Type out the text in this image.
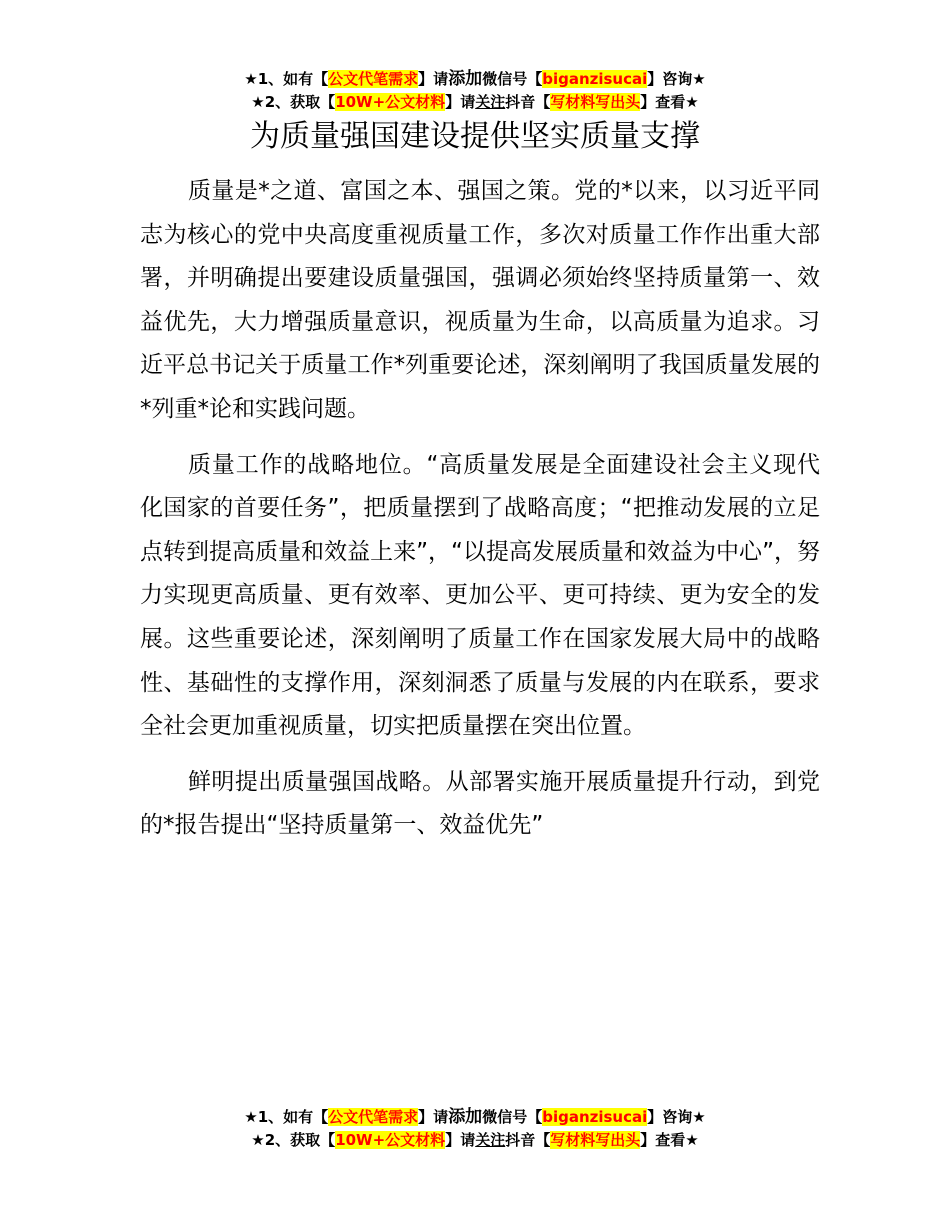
★1、如有【公文代笔需求】请添加微信号【biganzisucai】咨询★
★2、获取【10W+公文材料】请关注抖音【写材料写出头】查看★
为质量强国建设提供坚实质量支撑

质量是*之道、富国之本、强国之策。党的*以来，以习近平同志为核心的党中央高度重视质量工作，多次对质量工作作出重大部署，并明确提出要建设质量强国，强调必须始终坚持质量第一、效益优先，大力增强质量意识，视质量为生命，以高质量为追求。习近平总书记关于质量工作*列重要论述，深刻阐明了我国质量发展的*列重*论和实践问题。

质量工作的战略地位。“高质量发展是全面建设社会主义现代化国家的首要任务”，把质量摆到了战略高度；“把推动发展的立足点转到提高质量和效益上来”，“以提高发展质量和效益为中心”，努力实现更高质量、更有效率、更加公平、更可持续、更为安全的发展。这些重要论述，深刻阐明了质量工作在国家发展大局中的战略性、基础性的支撑作用，深刻洞悉了质量与发展的内在联系，要求全社会更加重视质量，切实把质量摆在突出位置。

鲜明提出质量强国战略。从部署实施开展质量提升行动，到党的*报告提出“坚持质量第一、效益优先”

★1、如有【公文代笔需求】请添加微信号【biganzisucai】咨询★
★2、获取【10W+公文材料】请关注抖音【写材料写出头】查看★
